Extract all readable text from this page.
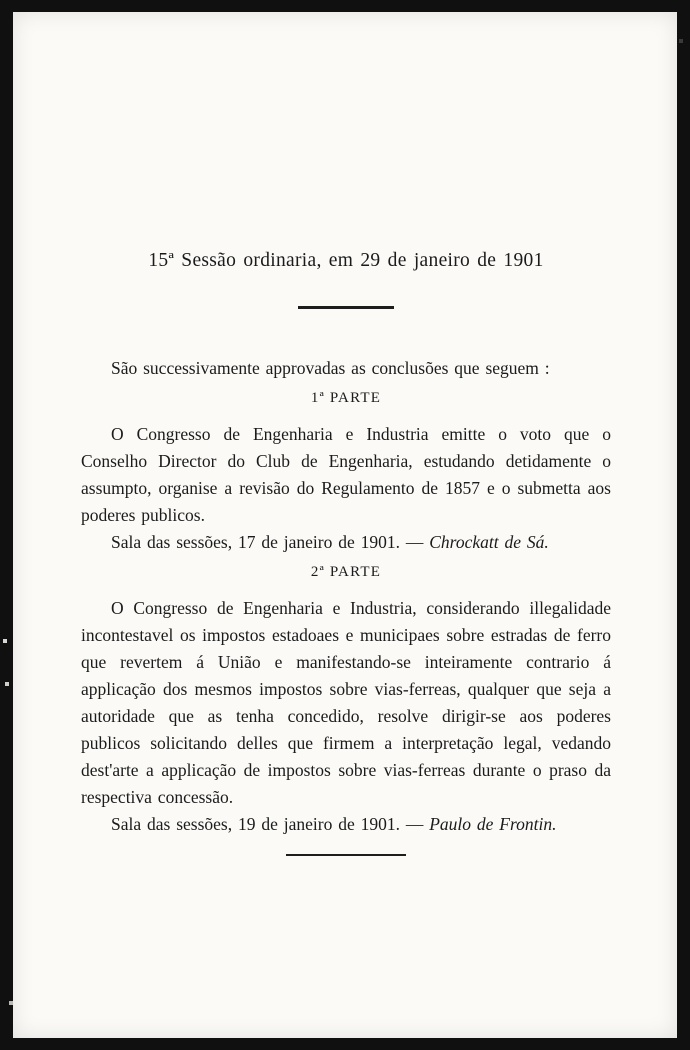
15ª Sessão ordinaria, em 29 de janeiro de 1901

São successivamente approvadas as conclusões que seguem :

1ª PARTE

O Congresso de Engenharia e Industria emitte o voto que o Conselho Director do Club de Engenharia, estudando detidamente o assumpto, organise a revisão do Regulamento de 1857 e o submetta aos poderes publicos.

Sala das sessões, 17 de janeiro de 1901. — Chrockatt de Sá.

2ª PARTE

O Congresso de Engenharia e Industria, considerando illegalidade incontestavel os impostos estadoaes e municipaes sobre estradas de ferro que revertem á União e manifestando-se inteiramente contrario á applicação dos mesmos impostos sobre vias-ferreas, qualquer que seja a autoridade que as tenha concedido, resolve dirigir-se aos poderes publicos solicitando delles que firmem a interpretação legal, vedando dest'arte a applicação de impostos sobre vias-ferreas durante o praso da respectiva concessão.

Sala das sessões, 19 de janeiro de 1901. — Paulo de Frontin.
